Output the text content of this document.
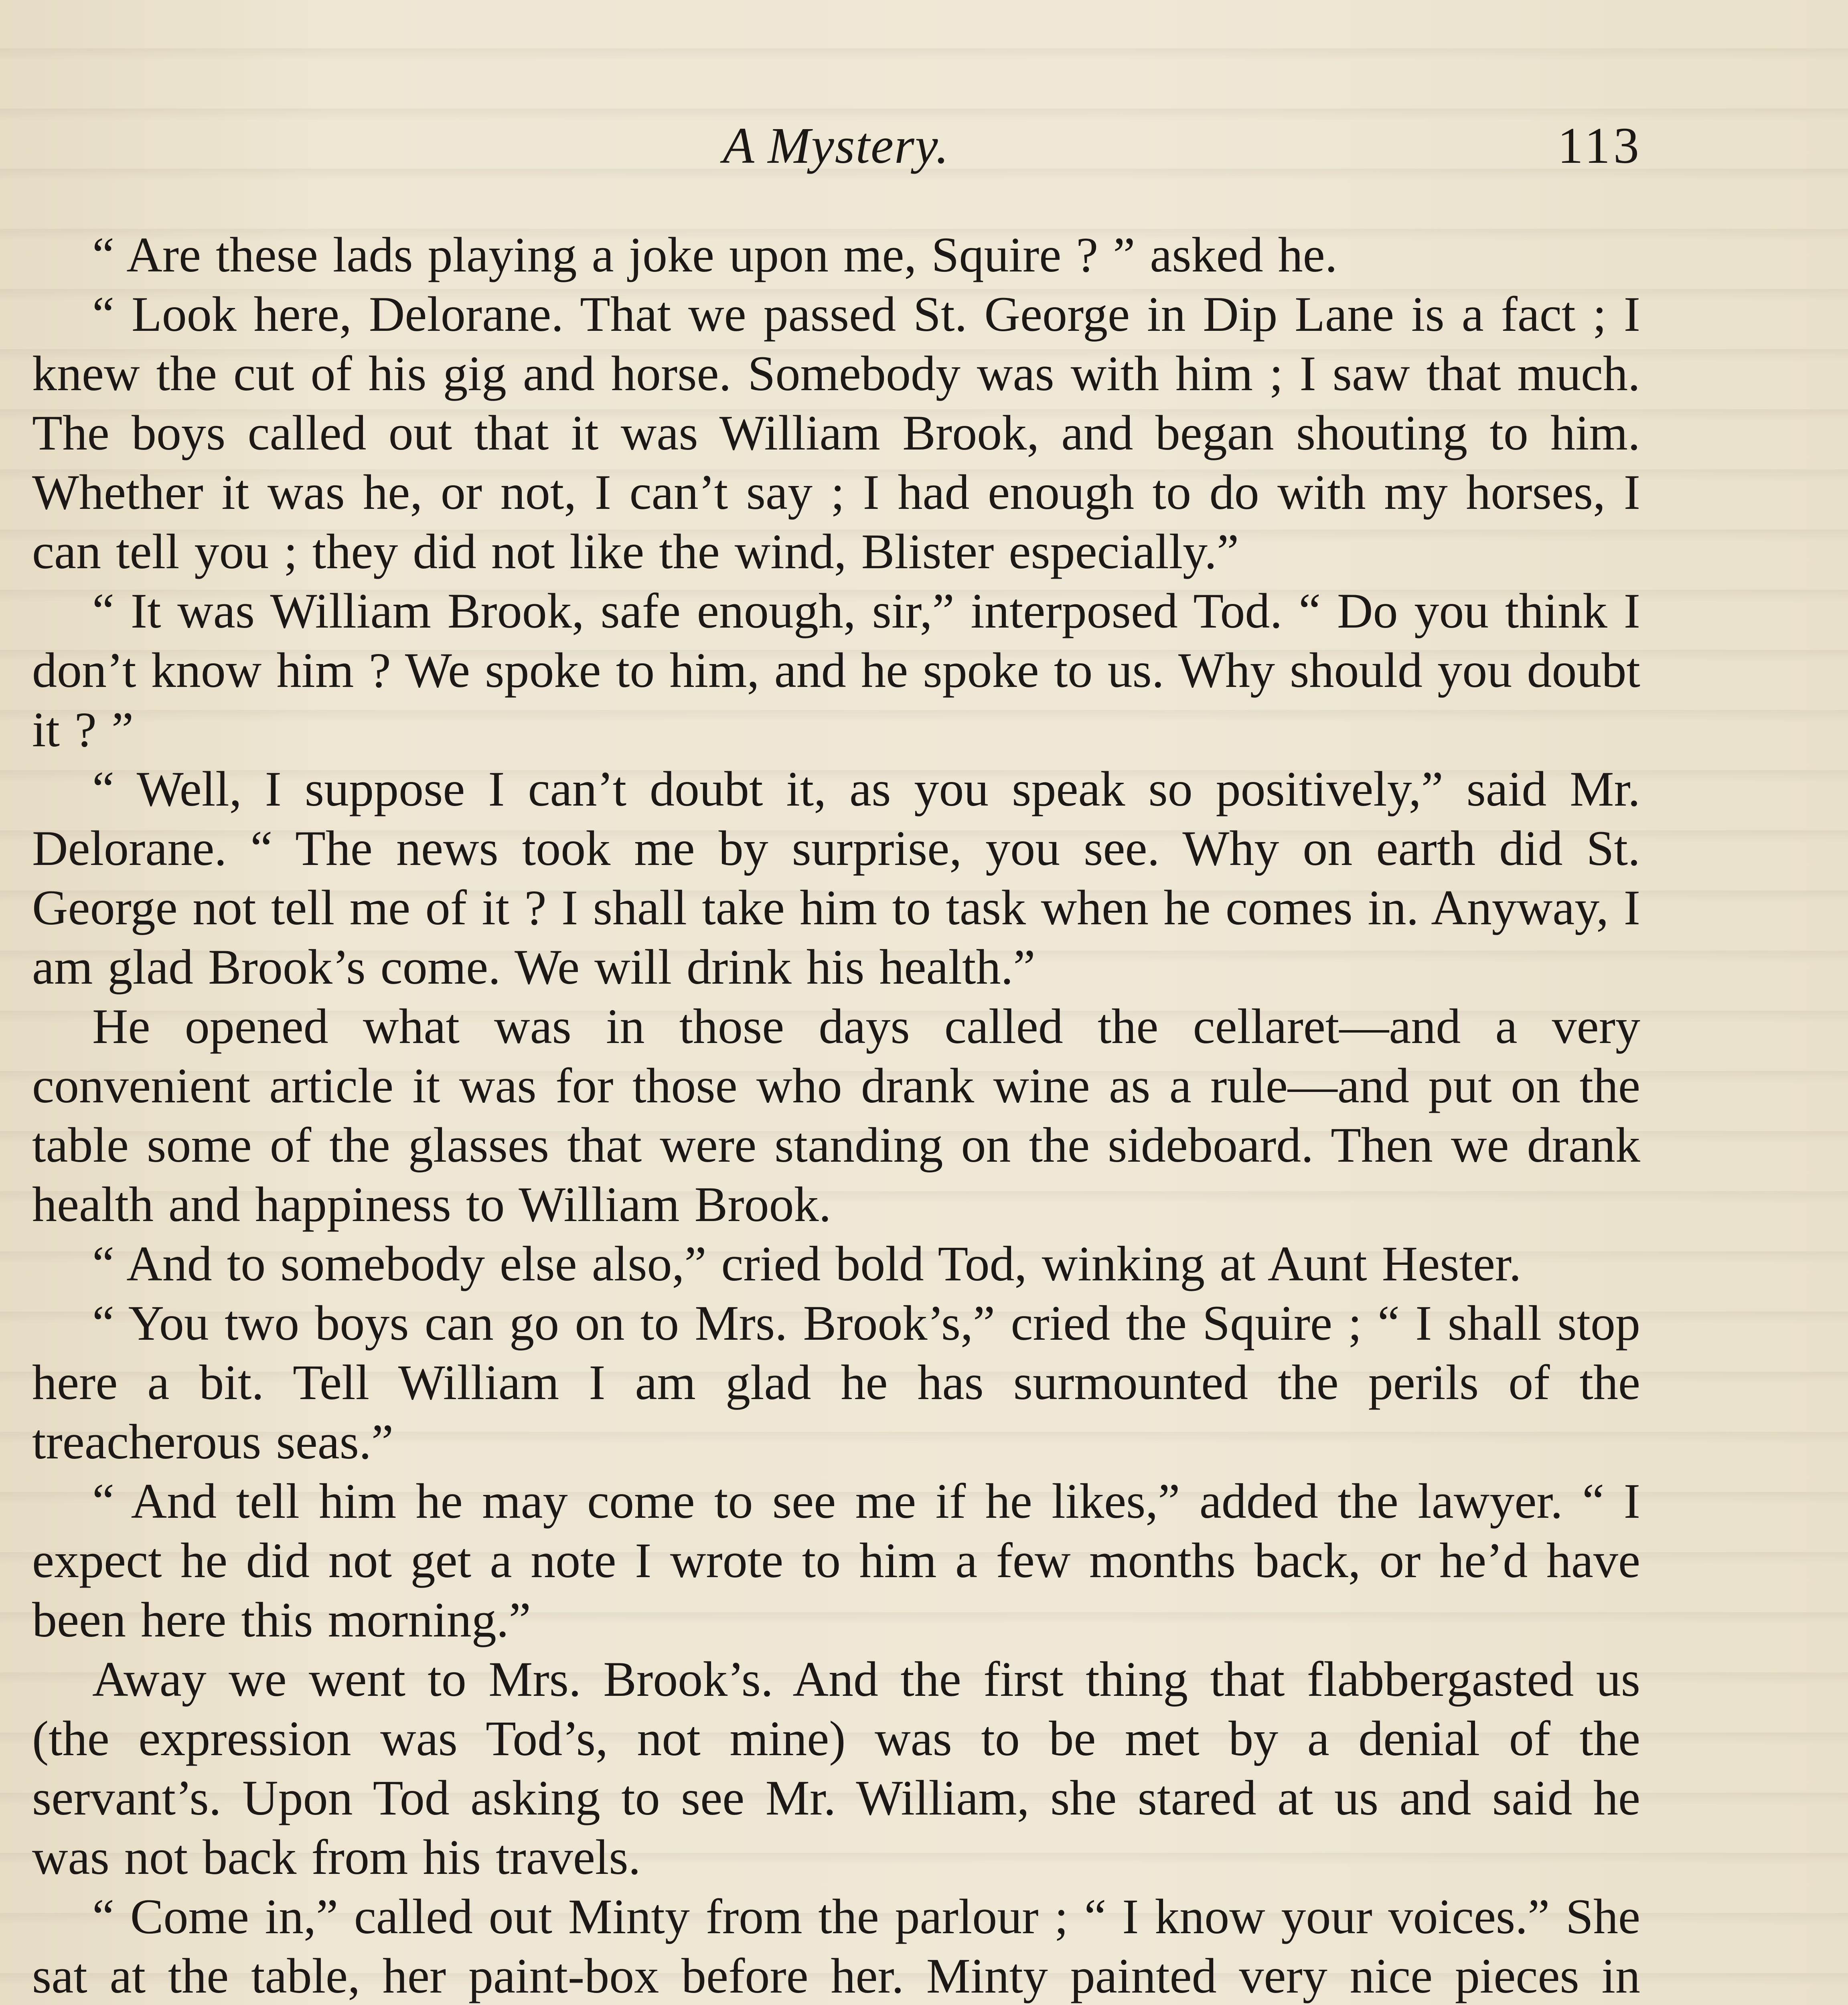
A Mystery.	113

“ Are these lads playing a joke upon me, Squire ? ” asked he.

“ Look here, Delorane. That we passed St. George in Dip Lane is a fact ; I knew the cut of his gig and horse. Somebody was with him ; I saw that much. The boys called out that it was William Brook, and began shouting to him. Whether it was he, or not, I can’t say ; I had enough to do with my horses, I can tell you ; they did not like the wind, Blister especially.”

“ It was William Brook, safe enough, sir,” interposed Tod. “ Do you think I don’t know him ? We spoke to him, and he spoke to us. Why should you doubt it ? ”

“ Well, I suppose I can’t doubt it, as you speak so positively,” said Mr. Delorane. “ The news took me by surprise, you see. Why on earth did St. George not tell me of it ? I shall take him to task when he comes in. Anyway, I am glad Brook’s come. We will drink his health.”

He opened what was in those days called the cellaret—and a very convenient article it was for those who drank wine as a rule—and put on the table some of the glasses that were standing on the sideboard. Then we drank health and happiness to William Brook.

“ And to somebody else also,” cried bold Tod, winking at Aunt Hester.

“ You two boys can go on to Mrs. Brook’s,” cried the Squire ; “ I shall stop here a bit. Tell William I am glad he has surmounted the perils of the treacherous seas.”

“ And tell him he may come to see me if he likes,” added the lawyer. “ I expect he did not get a note I wrote to him a few months back, or he’d have been here this morning.”

Away we went to Mrs. Brook’s. And the first thing that flabbergasted us (the expression was Tod’s, not mine) was to be met by a denial of the servant’s. Upon Tod asking to see Mr. William, she stared at us and said he was not back from his travels.

“ Come in,” called out Minty from the parlour ; “ I know your voices.” She sat at the table, her paint-box before her. Minty painted very nice pieces in
